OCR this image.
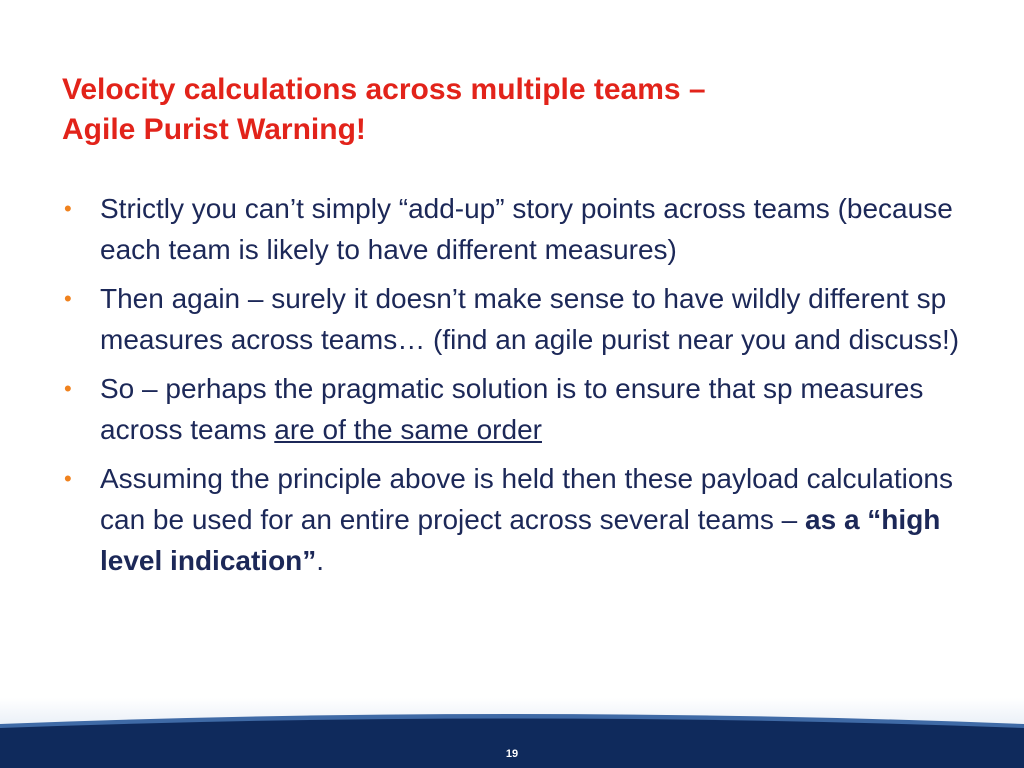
Velocity calculations across multiple teams –
Agile Purist Warning!
• Strictly you can’t simply “add-up” story points across teams (because each team is likely to have different measures)
• Then again – surely it doesn’t make sense to have wildly different sp measures across teams… (find an agile purist near you and discuss!)
• So – perhaps the pragmatic solution is to ensure that sp measures across teams are of the same order
• Assuming the principle above is held then these payload calculations can be used for an entire project across several teams – as a “high level indication”.
19
